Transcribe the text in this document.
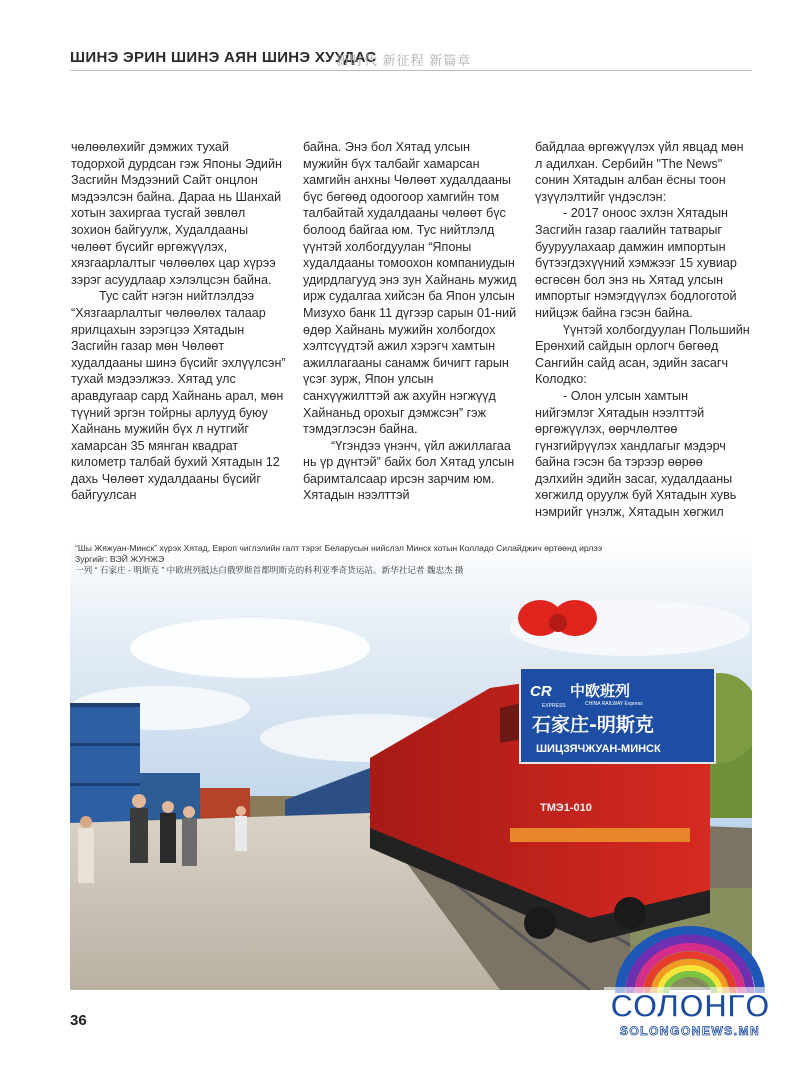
ШИНЭ ЭРИН ШИНЭ АЯН ШИНЭ ХУУДАС
新时代 新征程 新篇章

чөлөөлөхийг дэмжих тухай тодорхой дурдсан гэж Японы Эдийн Засгийн Мэдээний Сайт онцлон мэдээлсэн байна. Дараа нь Шанхай хотын захиргаа тусгай зөвлөл зохион байгуулж, Худалдааны чөлөөт бүсийг өргөжүүлэх, хязгаарлалтыг чөлөөлөх цар хүрээ зэрэг асуудлаар хэлэлцсэн байна.

Тус сайт нэгэн нийтлэлдээ “Хязгаарлалтыг чөлөөлөх талаар ярилцахын зэрэгцээ Хятадын Засгийн газар мөн Чөлөөт худалдааны шинэ бүсийг эхлүүлсэн” тухай мэдээлжээ. Хятад улс аравдугаар сард Хайнань арал, мөн түүний эргэн тойрны арлууд буюу Хайнань мужийн бүх л нутгийг хамарсан 35 мянган квадрат километр талбай бухий Хятадын 12 дахь Чөлөөт худалдааны бүсийг байгуулсан

байна. Энэ бол Хятад улсын мужийн бүх талбайг хамарсан хамгийн анхны Чөлөөт худалдааны бүс бөгөөд одоогоор хамгийн том талбайтай худалдааны чөлөөт бүс болоод байгаа юм. Тус нийтлэлд үүнтэй холбогдуулан “Японы худалдааны томоохон компаниудын удирдлагууд энэ зун Хайнань мужид ирж судалгаа хийсэн ба Япон улсын Мизухо банк 11 дүгээр сарын 01-ний өдөр Хайнань мужийн холбогдох хэлтсүүдтэй ажил хэрэгч хамтын ажиллагааны санамж бичигт гарын үсэг зурж, Япон улсын санхүүжилттэй аж ахуйн нэгжүүд Хайнаньд орохыг дэмжсэн” гэж тэмдэглэсэн байна.

“Үгэндээ үнэнч, үйл ажиллагаа нь үр дүнтэй” байх бол Хятад улсын баримталсаар ирсэн зарчим юм. Хятадын нээлттэй

байдлаа өргөжүүлэх үйл явцад мөн л адилхан. Сербийн "The News" сонин Хятадын албан ёсны тоон үзүүлэлтийг үндэслэн:

- 2017 оноос эхлэн Хятадын Засгийн газар гаалийн татварыг бууруулахаар дамжин импортын бүтээгдэхүүний хэмжээг 15 хувиар өсгөсөн бол энэ нь Хятад улсын импортыг нэмэгдүүлэх бодлоготой нийцэж байна гэсэн байна.

Үүнтэй холбогдуулан Польшийн Ерөнхий сайдын орлогч бөгөөд Сангийн сайд асан, эдийн засагч Колодко:

- Олон улсын хамтын нийгэмлэг Хятадын нээлттэй өргөжүүлэх, өөрчлөлтөө гүнзгийрүүлэх хандлагыг мэдэрч байна гэсэн ба тэрээр өөрөө дэлхийн эдийн засаг, худалдааны хөгжилд оруулж буй Хятадын хувь нэмрийг үнэлж, Хятадын хөгжил

CR
EXPRESS
中欧班列
CHINA RAILWAY Express
石家庄-明斯克
ШИЦЗЯЧЖУАН-МИНСК
ТМЭ1-010
“Шы Жяжуан-Минск” хүрэх Хятад, Европ чиглэлийн галт тэрэг Беларусын нийслэл Минск хотын Колладо Силайджич өртөөнд ирлээ
Зургийг: ВЭЙ ЖУНЖЭ
一列 “ 石家庄 - 明斯克 ” 中欧班列抵达白俄罗斯首都明斯克的科利亚季奇货运站。新华社记者 魏忠杰 摄
36	СОЛОНГО
SOLONGONEWS.MN
